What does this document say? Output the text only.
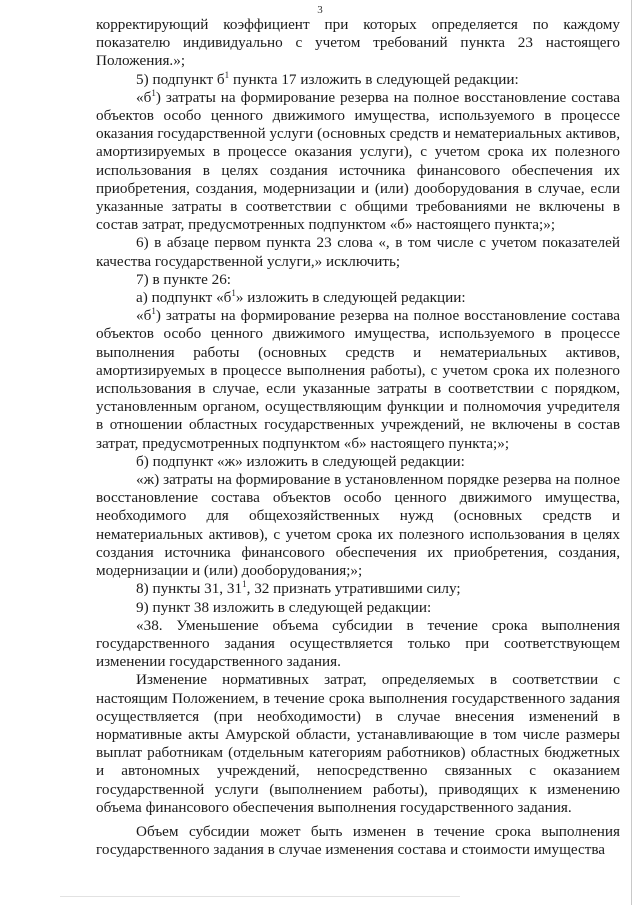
3

корректирующий коэффициент при которых определяется по каждому показателю индивидуально с учетом требований пункта 23 настоящего Положения.»;

5) подпункт $б^1$ пункта 17 изложить в следующей редакции:

«$б^1$) затраты на формирование резерва на полное восстановление состава объектов особо ценного движимого имущества, используемого в процессе оказания государственной услуги (основных средств и нематериальных активов, амортизируемых в процессе оказания услуги), с учетом срока их полезного использования в целях создания источника финансового обеспечения их приобретения, создания, модернизации и (или) дооборудования в случае, если указанные затраты в соответствии с общими требованиями не включены в состав затрат, предусмотренных подпунктом «б» настоящего пункта;»;

6) в абзаце первом пункта 23 слова «, в том числе с учетом показателей качества государственной услуги,» исключить;

7) в пункте 26:

а) подпункт «$б^1$» изложить в следующей редакции:

«$б^1$) затраты на формирование резерва на полное восстановление состава объектов особо ценного движимого имущества, используемого в процессе выполнения работы (основных средств и нематериальных активов, амортизируемых в процессе выполнения работы), с учетом срока их полезного использования в случае, если указанные затраты в соответствии с порядком, установленным органом, осуществляющим функции и полномочия учредителя в отношении областных государственных учреждений, не включены в состав затрат, предусмотренных подпунктом «б» настоящего пункта;»;

б) подпункт «ж» изложить в следующей редакции:

«ж) затраты на формирование в установленном порядке резерва на полное восстановление состава объектов особо ценного движимого имущества, необходимого для общехозяйственных нужд (основных средств и нематериальных активов), с учетом срока их полезного использования в целях создания источника финансового обеспечения их приобретения, создания, модернизации и (или) дооборудования;»;

8) пункты 31, $31^1$, 32 признать утратившими силу;

9) пункт 38 изложить в следующей редакции:

«38. Уменьшение объема субсидии в течение срока выполнения государственного задания осуществляется только при соответствующем изменении государственного задания.

Изменение нормативных затрат, определяемых в соответствии с настоящим Положением, в течение срока выполнения государственного задания осуществляется (при необходимости) в случае внесения изменений в нормативные акты Амурской области, устанавливающие в том числе размеры выплат работникам (отдельным категориям работников) областных бюджетных и автономных учреждений, непосредственно связанных с оказанием государственной услуги (выполнением работы), приводящих к изменению объема финансового обеспечения выполнения государственного задания.

Объем субсидии может быть изменен в течение срока выполнения государственного задания в случае изменения состава и стоимости имущества
